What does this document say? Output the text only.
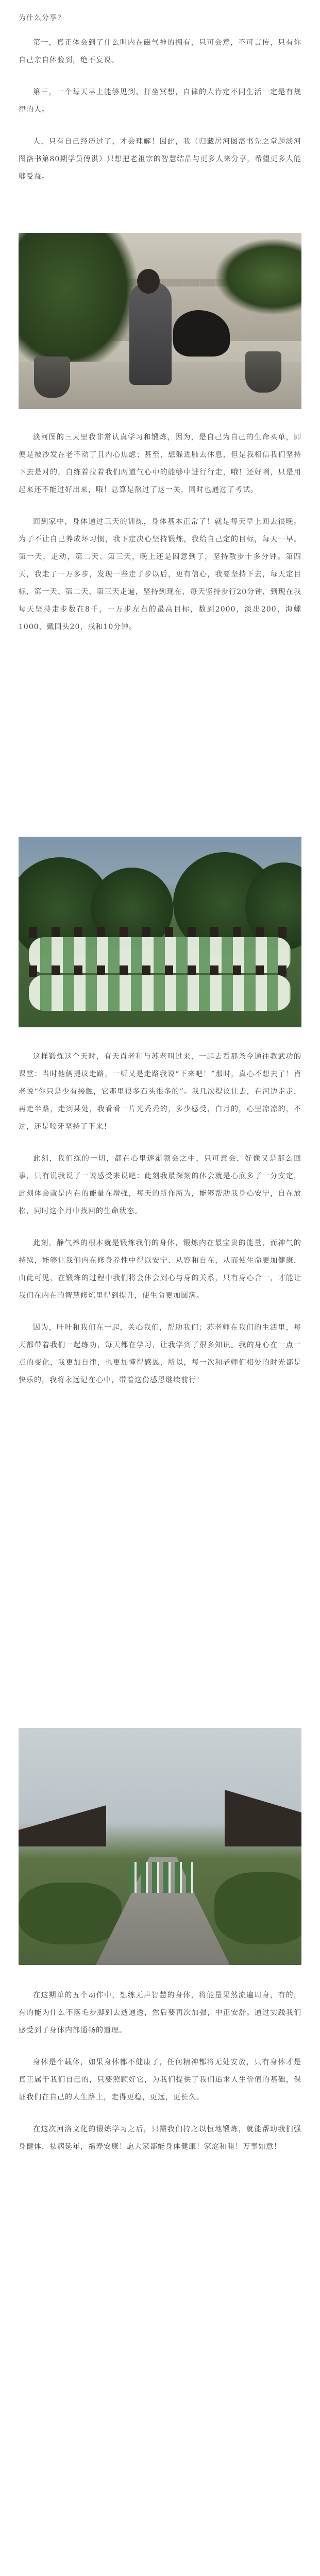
为什么分享?

第一，真正体会到了什么叫内在磁气神的拥有，只可会意，不可言传，只有你自己亲自体验到，绝不妄说。

第三，一个每天早上能够见到、打坐冥想，自律的人肯定不同生活一定是有规律的人。

人，只有自己经历过了，才会理解！因此，我（归藏居河图洛书先之堂题淡河图洛书第80期学员傅洪）只想把老祖宗的智慧结晶与更多人来分享，希望更多人能够受益。

淡河图的三天里我非常认真学习和锻炼，因为，是自己为自己的生命买单，即便是被沙发在老不动了且内心焦虑；甚至，想躲进肺去休息，但是我相信我们坚持下去是对的，白练着拉着我们两道气心中的能够中进行行走，哦！还好咧，只是用起来还不能过好出来，哦！总算是熬过了这一关，同时也通过了考试。

回到家中，身体通过三天的训练，身体基本正常了！就是每天早上回去很晚。为了不让自己养成坏习惯，我下定决心坚持锻炼，我给自己定的目标，每天一早。第一天，走动，第二天、第三天，晚上还是困意到了，坚持散步十多分钟。第四天，我走了一万多步，发现一些走了步以后，更有信心，我要坚持下去，每天定目标，第一天、第二天、第三天走遍，坚持到现在，每天坚持步行20分钟，到现在我每天坚持走步数在8千，一万步左右的最高目标，数到2000，淡出200，海螺1000，戴回头20，戌和10分钟。

这样锻炼这个天时，有天肖老和与苏老叫过来，一起去看那条令通往教武功的课堂：当时他俩提议走路，一听又是走路我说“下来吧！”那时，真心不想去了！肖老说“你只是少有接触，它那里很多石头很多的”。我几次提议让去，在河边走走，再走半路，走到某处，我看看一片光秃秃的，多少感受，白月的，心里凉凉的，不过，还是咬牙坚持了下来！

此刻，我们练的一切，都在心里逐渐领会之中，只可意会，好像又是那么回事，只有说我说了一说感受来说吧：此刻我最深刻的体会就是心底多了一分安定，此刻体会就是内在的能量在增强，每天的所作所为，能够帮助我身心安宁，自在放松，同时这个月中找回的生命状态。

此刻，静气养的根本就是锻炼我们的身体，锻炼内在最宝贵的能量，而神气的持续，能够让我们内在修身养性中得以安宁、从容和自在，从而使生命更加健康，由此可见，在锻炼的过程中我们将会体会到心与身的关系，只有身心合一，才能让我们在内在的智慧修炼里得到提升，使生命更加圆满。

因为，叶叶和我们在一起，关心我们，帮助我们；苏老师在我们的生活里，每天都带着我们一起练功，每天都在学习，让我学到了很多知识。我的身心在一点一点的变化，我更加自律，也更加懂得感恩，所以，每一次和老师们相处的时光都是快乐的，我将永远记在心中，带着这份感恩继续前行！

在这期单的五个动作中，想练无声智慧的身体，将能量果然流遍周身，有的，有的能为什么不落毛步脚到去逝通透，然后要再次加强，中正安舒。通过实践我们感受到了身体内部通畅的道理。

身体是个载体，如果身体都不健康了，任何精神都将无处安放，只有身体才是真正属于我们自己的，只要照顾好它，为我们提供了我们追求人生价值的基础，保证我们在自己的人生路上，走得更稳，更远，更长久。

在这次河洛文化的锻炼学习之后，只需我们持之以恒地锻炼，就能帮助我们强身健体，祛病延年，福寿安康！愿大家都能身体健康！家庭和睦！万事如意！
